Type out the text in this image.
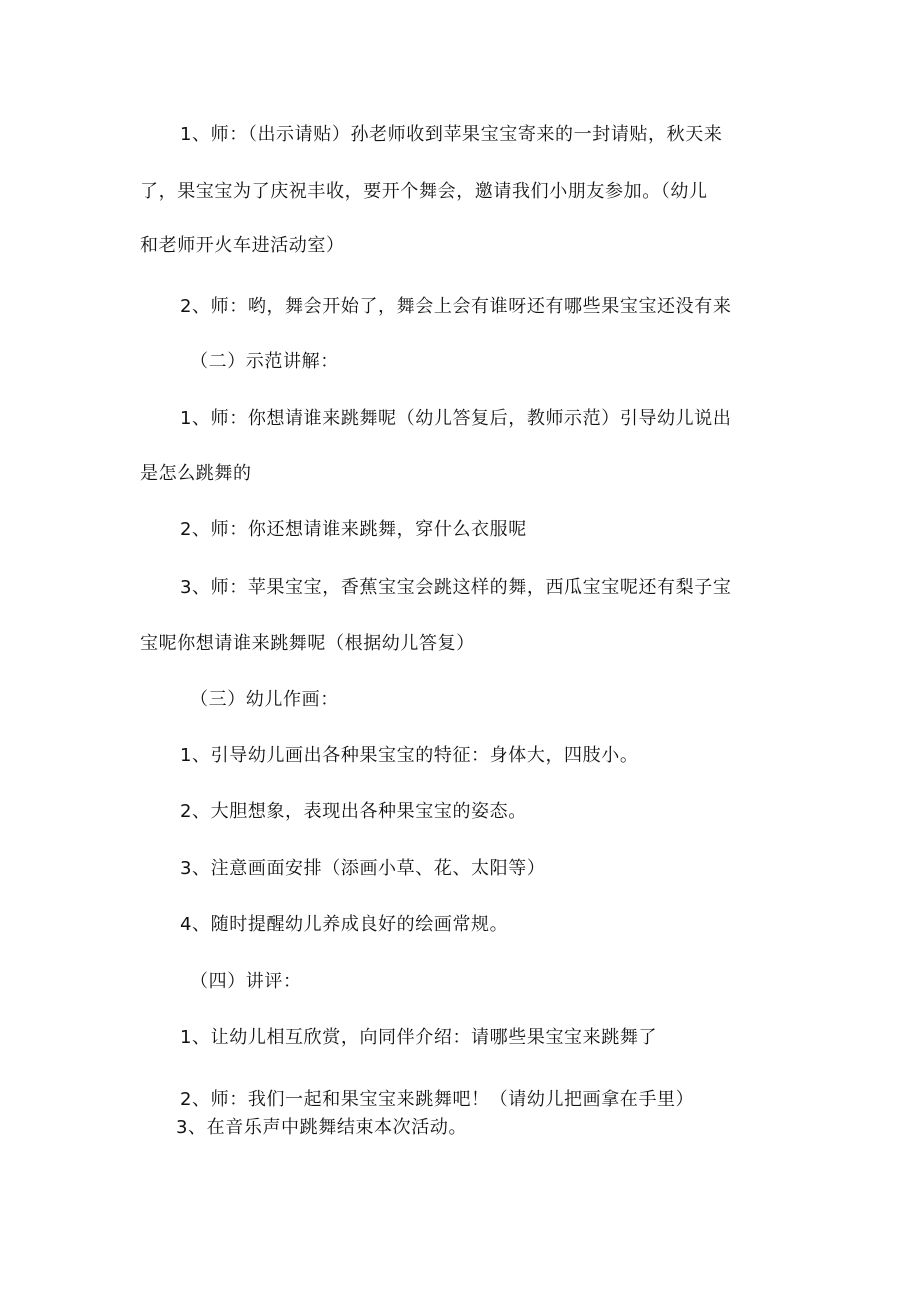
1、师：（出示请贴）孙老师收到苹果宝宝寄来的一封请贴，秋天来
了，果宝宝为了庆祝丰收，要开个舞会，邀请我们小朋友参加。（幼儿
和老师开火车进活动室）
2、师：哟，舞会开始了，舞会上会有谁呀还有哪些果宝宝还没有来
（二）示范讲解：
1、师：你想请谁来跳舞呢（幼儿答复后，教师示范）引导幼儿说出
是怎么跳舞的
2、师：你还想请谁来跳舞，穿什么衣服呢
3、师：苹果宝宝，香蕉宝宝会跳这样的舞，西瓜宝宝呢还有梨子宝
宝呢你想请谁来跳舞呢（根据幼儿答复）
（三）幼儿作画：
1、引导幼儿画出各种果宝宝的特征：身体大，四肢小。
2、大胆想象，表现出各种果宝宝的姿态。
3、注意画面安排（添画小草、花、太阳等）
4、随时提醒幼儿养成良好的绘画常规。
（四）讲评：
1、让幼儿相互欣赏，向同伴介绍：请哪些果宝宝来跳舞了
2、师：我们一起和果宝宝来跳舞吧！（请幼儿把画拿在手里）
3、在音乐声中跳舞结束本次活动。
